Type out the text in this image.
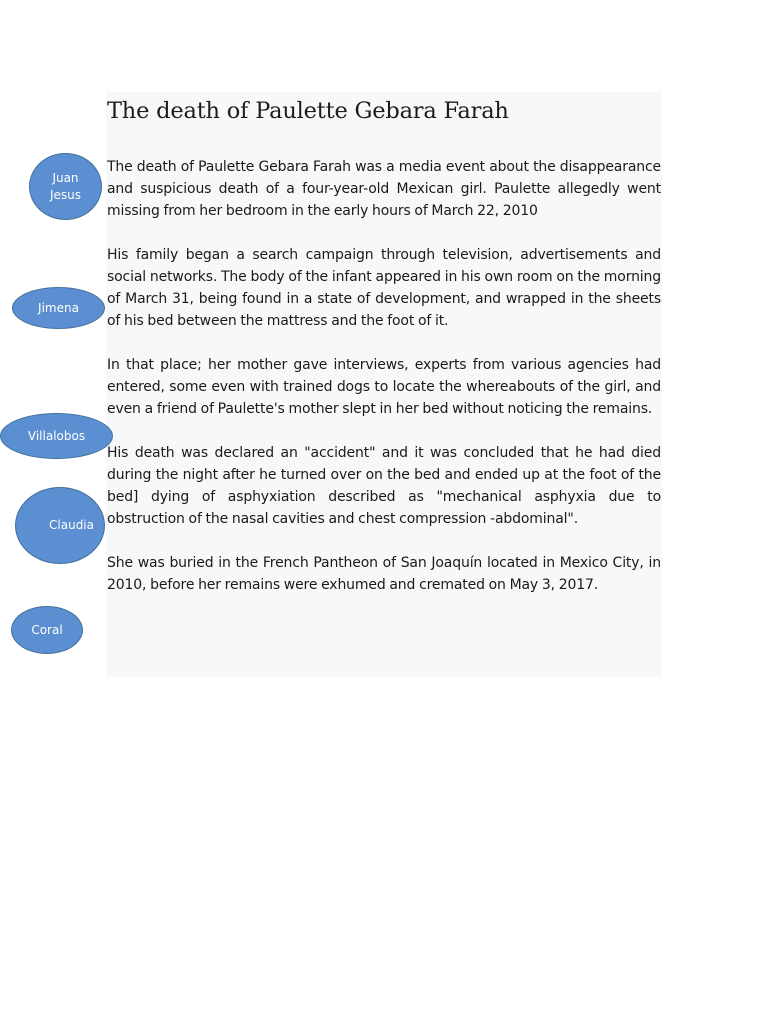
The death of Paulette Gebara Farah

The death of Paulette Gebara Farah was a media event about the disappearance and suspicious death of a four-year-old Mexican girl. Paulette allegedly went missing from her bedroom in the early hours of March 22, 2010

His family began a search campaign through television, advertisements and social networks. The body of the infant appeared in his own room on the morning of March 31, being found in a state of development, and wrapped in the sheets of his bed between the mattress and the foot of it.

In that place; her mother gave interviews, experts from various agencies had entered, some even with trained dogs to locate the whereabouts of the girl, and even a friend of Paulette's mother slept in her bed without noticing the remains.

His death was declared an "accident" and it was concluded that he had died during the night after he turned over on the bed and ended up at the foot of the bed] dying of asphyxiation described as "mechanical asphyxia due to obstruction of the nasal cavities and chest compression -abdominal".

She was buried in the French Pantheon of San Joaquín located in Mexico City, in 2010, before her remains were exhumed and cremated on May 3, 2017.

Juan
Jesus
Jimena
Villalobos
Claudia
Coral
